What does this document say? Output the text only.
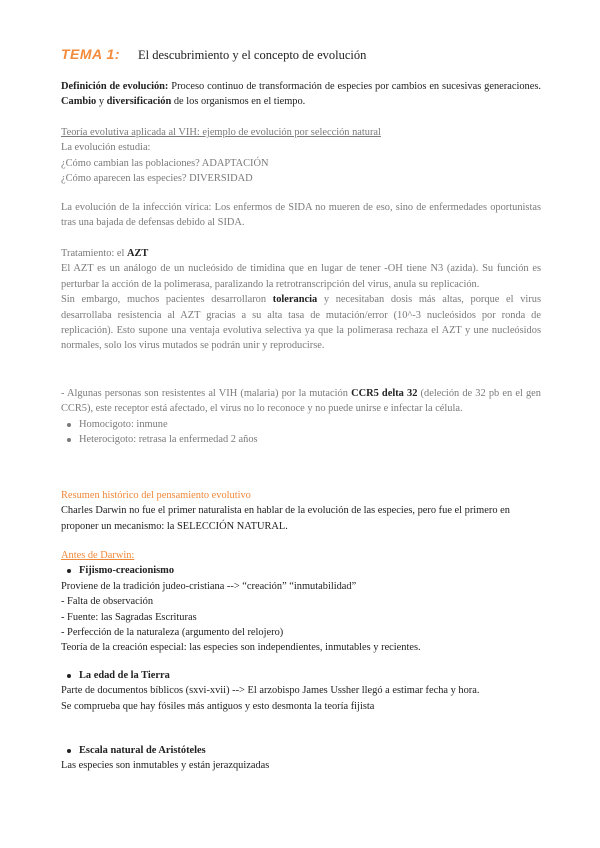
TEMA 1: El descubrimiento y el concepto de evolución

Definición de evolución: Proceso continuo de transformación de especies por cambios en sucesivas generaciones. Cambio y diversificación de los organismos en el tiempo.

Teoría evolutiva aplicada al VIH: ejemplo de evolución por selección natural

La evolución estudia:

¿Cómo cambian las poblaciones? ADAPTACIÓN

¿Cómo aparecen las especies? DIVERSIDAD

La evolución de la infección vírica: Los enfermos de SIDA no mueren de eso, sino de enfermedades oportunistas tras una bajada de defensas debido al SIDA.

Tratamiento: el AZT

El AZT es un análogo de un nucleósido de timidina que en lugar de tener -OH tiene N3 (azida). Su función es perturbar la acción de la polimerasa, paralizando la retrotranscripción del virus, anula su replicación.

Sin embargo, muchos pacientes desarrollaron tolerancia y necesitaban dosis más altas, porque el virus desarrollaba resistencia al AZT gracias a su alta tasa de mutación/error (10^-3 nucleósidos por ronda de replicación). Esto supone una ventaja evolutiva selectiva ya que la polimerasa rechaza el AZT y une nucleósidos normales, solo los virus mutados se podrán unir y reproducirse.

- Algunas personas son resistentes al VIH (malaria) por la mutación CCR5 delta 32 (deleción de 32 pb en el gen CCR5), este receptor está afectado, el virus no lo reconoce y no puede unirse e infectar la célula.

Homocigoto: inmune

Heterocigoto: retrasa la enfermedad 2 años

Resumen histórico del pensamiento evolutivo

Charles Darwin no fue el primer naturalista en hablar de la evolución de las especies, pero fue el primero en proponer un mecanismo: la SELECCIÓN NATURAL.

Antes de Darwin:

Fijismo-creacionismo

Proviene de la tradición judeo-cristiana --> “creación” “inmutabilidad”

- Falta de observación

- Fuente: las Sagradas Escrituras

- Perfección de la naturaleza (argumento del relojero)

Teoría de la creación especial: las especies son independientes, inmutables y recientes.

La edad de la Tierra

Parte de documentos bíblicos (sxvi-xvii) --> El arzobispo James Ussher llegó a estimar fecha y hora.

Se comprueba que hay fósiles más antiguos y esto desmonta la teoría fijista

Escala natural de Aristóteles

Las especies son inmutables y están jerazquizadas
